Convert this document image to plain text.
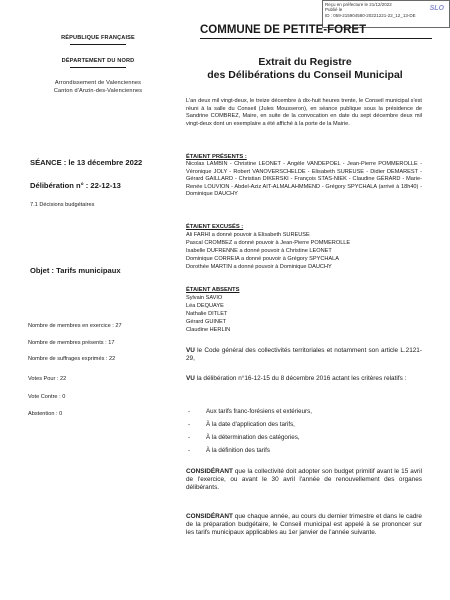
Reçu en préfecture le 21/12/2022
Publié le
ID : 059-215904580-20221221-22_12_13-DE
SLO
COMMUNE DE PETITE-FORET
RÉPUBLIQUE FRANÇAISE
DÉPARTEMENT DU NORD
Arrondissement de Valenciennes
Canton d'Anzin-des-Valenciennes
Extrait du Registre
des Délibérations du Conseil Municipal
L'an deux mil vingt-deux, le treize décembre à dix-huit heures trente, le Conseil municipal s'est réuni à la salle du Conseil (Jules Mousseron), en séance publique sous la présidence de Sandrine COMBREZ, Maire, en suite de la convocation en date du sept décembre deux mil vingt-deux dont un exemplaire a été affiché à la porte de la Mairie.
SÉANCE : le 13 décembre 2022
Délibération n° : 22-12-13
7.1 Décisions budgétaires
Objet : Tarifs municipaux
ÉTAIENT PRÉSENTS :
Nicolas LAMBIN - Christine LEONET - Angèle VANDEPOEL - Jean-Pierre POMMEROLLE - Véronique JOLY - Robert VANOVERSCHELDE - Elisabeth SUREUSE - Didier DEMAREST - Gérard GAILLARD - Christian DIKERSKI - François STAS-NIEK - Claudine GÉRARD - Marie-Renée LOUVION - Abdel-Aziz AIT-ALMALAHMMEND - Grégory SPYCHALA (arrivé à 18h40) - Dominique DAUCHY
ÉTAIENT EXCUSÉS :
Ali FARHI a donné pouvoir à Elisabeth SUREUSE
Pascal CROMBEZ a donné pouvoir à Jean-Pierre POMMEROLLE
Isabelle DUFRENNE a donné pouvoir à Christine LEONET
Dominique CORREIA a donné pouvoir à Grégory SPYCHALA
Dorothée MARTIN a donné pouvoir à Dominique DAUCHY
ÉTAIENT ABSENTS
Sylvain SAVIO
Léa DEQUAYE
Nathalie DITLET
Gérard GUINET
Claudine HERLIN
Nombre de membres en exercice : 27
Nombre de membres présents : 17
Nombre de suffrages exprimés : 22
Votes Pour : 22
Vote Contre : 0
Abstention : 0
VU le Code général des collectivités territoriales et notamment son article L.2121-29,
VU la délibération n°16-12-15 du 8 décembre 2016 actant les critères relatifs :
-	Aux tarifs franc-forésiens et extérieurs,
-	À la date d'application des tarifs,
-	À la détermination des catégories,
-	À la définition des tarifs
CONSIDÉRANT que la collectivité doit adopter son budget primitif avant le 15 avril de l'exercice, ou avant le 30 avril l'année de renouvellement des organes délibérants.
CONSIDÉRANT que chaque année, au cours du dernier trimestre et dans le cadre de la préparation budgétaire, le Conseil municipal est appelé à se prononcer sur les tarifs municipaux applicables au 1er janvier de l'année suivante.
